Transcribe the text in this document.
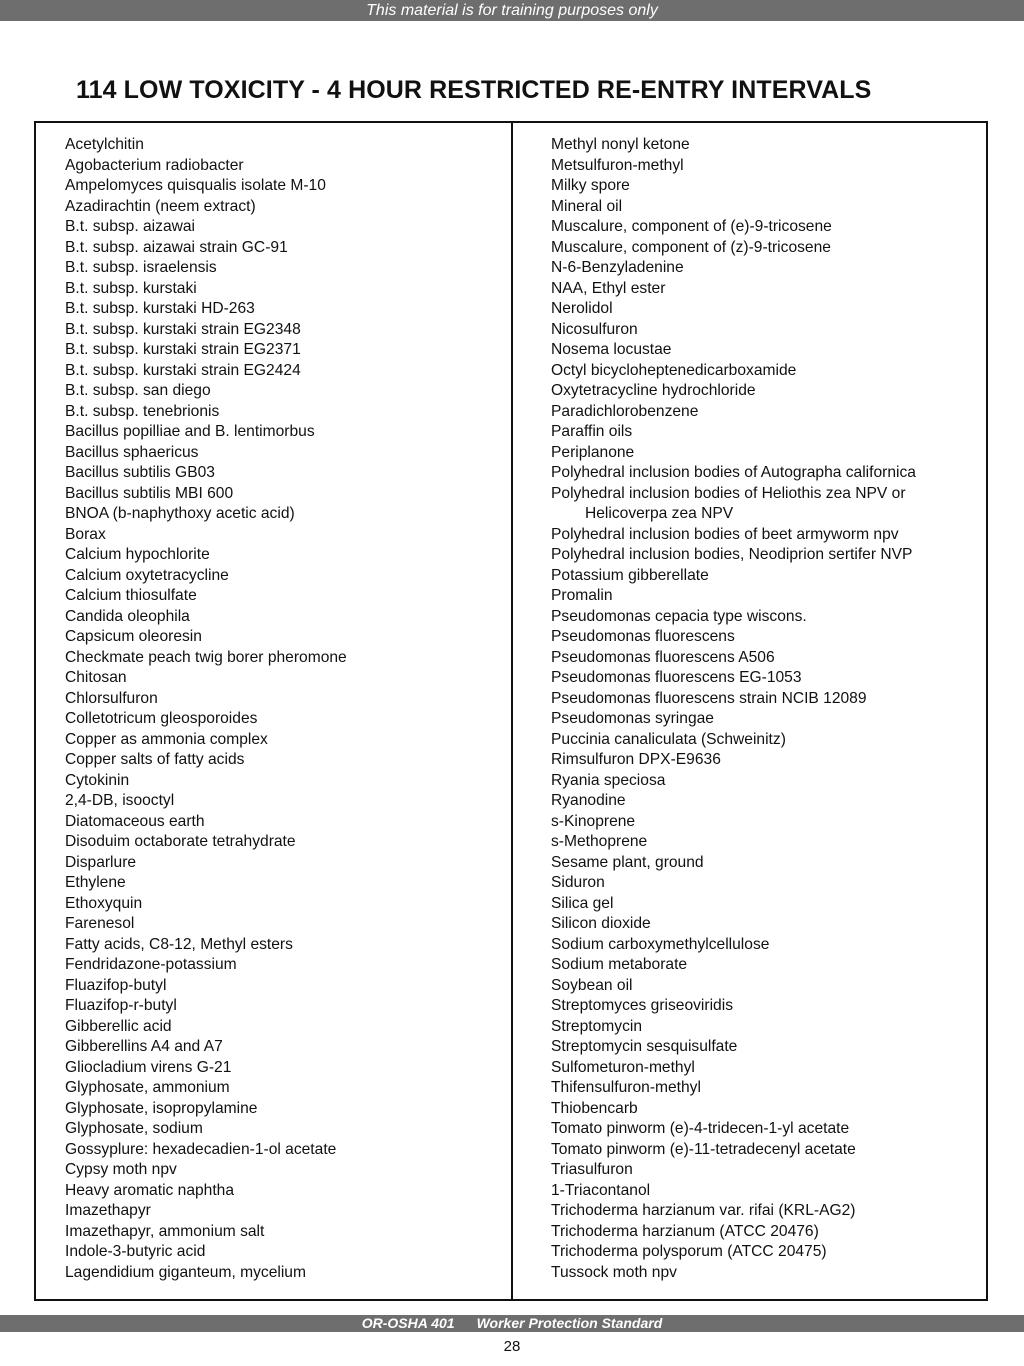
This material is for training purposes only
114 LOW TOXICITY - 4 HOUR RESTRICTED RE-ENTRY INTERVALS
Acetylchitin
Agobacterium radiobacter
Ampelomyces quisqualis isolate M-10
Azadirachtin (neem extract)
B.t. subsp. aizawai
B.t. subsp. aizawai strain GC-91
B.t. subsp. israelensis
B.t. subsp. kurstaki
B.t. subsp. kurstaki HD-263
B.t. subsp. kurstaki strain EG2348
B.t. subsp. kurstaki strain EG2371
B.t. subsp. kurstaki strain EG2424
B.t. subsp. san diego
B.t. subsp. tenebrionis
Bacillus popilliae and B. lentimorbus
Bacillus sphaericus
Bacillus subtilis GB03
Bacillus subtilis MBI 600
BNOA (b-naphythoxy acetic acid)
Borax
Calcium hypochlorite
Calcium oxytetracycline
Calcium thiosulfate
Candida oleophila
Capsicum oleoresin
Checkmate peach twig borer pheromone
Chitosan
Chlorsulfuron
Colletotricum gleosporoides
Copper as ammonia complex
Copper salts of fatty acids
Cytokinin
2,4-DB, isooctyl
Diatomaceous earth
Disoduim octaborate tetrahydrate
Disparlure
Ethylene
Ethoxyquin
Farenesol
Fatty acids, C8-12, Methyl esters
Fendridazone-potassium
Fluazifop-butyl
Fluazifop-r-butyl
Gibberellic acid
Gibberellins A4 and A7
Gliocladium virens G-21
Glyphosate, ammonium
Glyphosate, isopropylamine
Glyphosate, sodium
Gossyplure: hexadecadien-1-ol acetate
Cypsy moth npv
Heavy aromatic naphtha
Imazethapyr
Imazethapyr, ammonium salt
Indole-3-butyric acid
Lagendidium giganteum, mycelium
Methyl nonyl ketone
Metsulfuron-methyl
Milky spore
Mineral oil
Muscalure, component of (e)-9-tricosene
Muscalure, component of (z)-9-tricosene
N-6-Benzyladenine
NAA, Ethyl ester
Nerolidol
Nicosulfuron
Nosema locustae
Octyl bicycloheptenedicarboxamide
Oxytetracycline hydrochloride
Paradichlorobenzene
Paraffin oils
Periplanone
Polyhedral inclusion bodies of Autographa californica
Polyhedral inclusion bodies of Heliothis zea NPV or
Helicoverpa zea NPV
Polyhedral inclusion bodies of beet armyworm npv
Polyhedral inclusion bodies, Neodiprion sertifer NVP
Potassium gibberellate
Promalin
Pseudomonas cepacia type wiscons.
Pseudomonas fluorescens
Pseudomonas fluorescens A506
Pseudomonas fluorescens EG-1053
Pseudomonas fluorescens strain NCIB 12089
Pseudomonas syringae
Puccinia canaliculata (Schweinitz)
Rimsulfuron DPX-E9636
Ryania speciosa
Ryanodine
s-Kinoprene
s-Methoprene
Sesame plant, ground
Siduron
Silica gel
Silicon dioxide
Sodium carboxymethylcellulose
Sodium metaborate
Soybean oil
Streptomyces griseoviridis
Streptomycin
Streptomycin sesquisulfate
Sulfometuron-methyl
Thifensulfuron-methyl
Thiobencarb
Tomato pinworm (e)-4-tridecen-1-yl acetate
Tomato pinworm (e)-11-tetradecenyl acetate
Triasulfuron
1-Triacontanol
Trichoderma harzianum var. rifai (KRL-AG2)
Trichoderma harzianum (ATCC 20476)
Trichoderma polysporum (ATCC 20475)
Tussock moth npv
OR-OSHA 401 Worker Protection Standard
28
